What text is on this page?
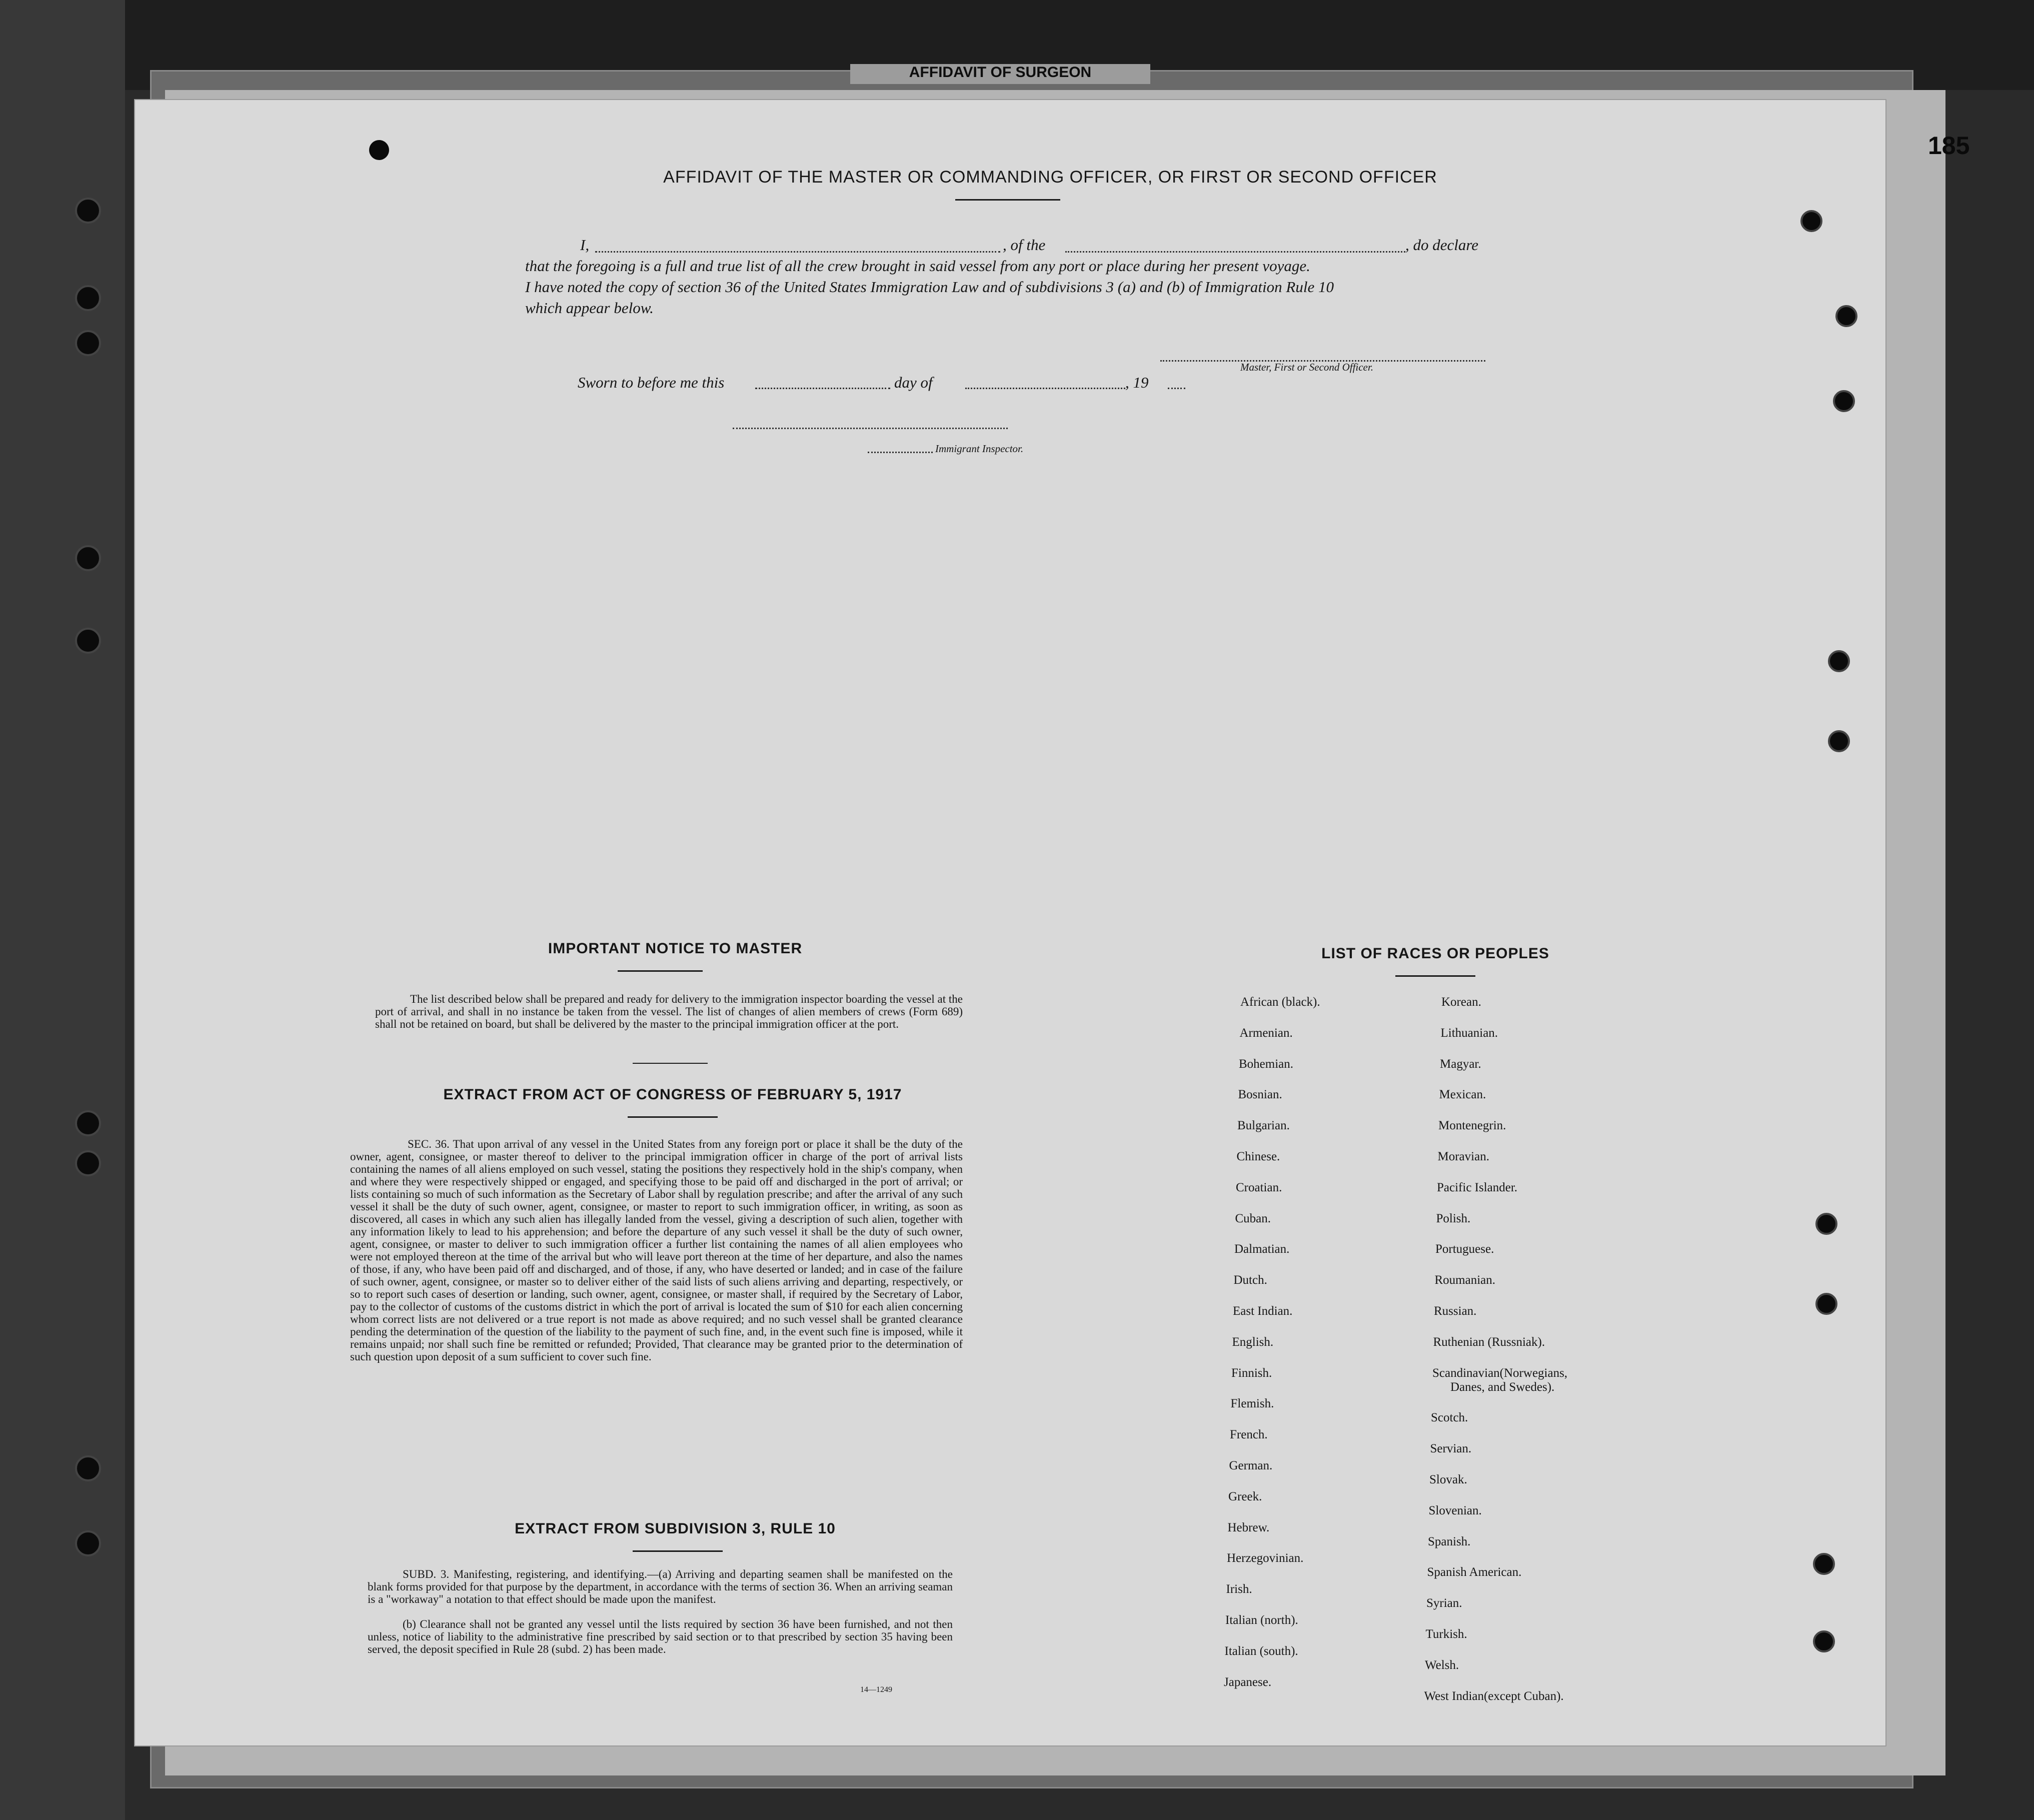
AFFIDAVIT OF SURGEON
185
AFFIDAVIT OF THE MASTER OR COMMANDING OFFICER, OR FIRST OR SECOND OFFICER
I,	, of the	, do declare
that the foregoing is a full and true list of all the crew brought in said vessel from any port or place during her present voyage.
I have noted the copy of section 36 of the United States Immigration Law and of subdivisions 3 (a) and (b) of Immigration Rule 10
which appear below.
Master, First or Second Officer.
Sworn to before me this	day of	, 19
Immigrant Inspector.
IMPORTANT NOTICE TO MASTER
The list described below shall be prepared and ready for delivery to the immigration inspector boarding the vessel at the port of arrival, and shall in no instance be taken from the vessel. The list of changes of alien members of crews (Form 689) shall not be retained on board, but shall be delivered by the master to the principal immigration officer at the port.
EXTRACT FROM ACT OF CONGRESS OF FEBRUARY 5, 1917
SEC. 36. That upon arrival of any vessel in the United States from any foreign port or place it shall be the duty of the owner, agent, consignee, or master thereof to deliver to the principal immigration officer in charge of the port of arrival lists containing the names of all aliens employed on such vessel, stating the positions they respectively hold in the ship's company, when and where they were respectively shipped or engaged, and specifying those to be paid off and discharged in the port of arrival; or lists containing so much of such information as the Secretary of Labor shall by regulation prescribe; and after the arrival of any such vessel it shall be the duty of such owner, agent, consignee, or master to report to such immigration officer, in writing, as soon as discovered, all cases in which any such alien has illegally landed from the vessel, giving a description of such alien, together with any information likely to lead to his apprehension; and before the departure of any such vessel it shall be the duty of such owner, agent, consignee, or master to deliver to such immigration officer a further list containing the names of all alien employees who were not employed thereon at the time of the arrival but who will leave port thereon at the time of her departure, and also the names of those, if any, who have been paid off and discharged, and of those, if any, who have deserted or landed; and in case of the failure of such owner, agent, consignee, or master so to deliver either of the said lists of such aliens arriving and departing, respectively, or so to report such cases of desertion or landing, such owner, agent, consignee, or master shall, if required by the Secretary of Labor, pay to the collector of customs of the customs district in which the port of arrival is located the sum of $10 for each alien concerning whom correct lists are not delivered or a true report is not made as above required; and no such vessel shall be granted clearance pending the determination of the question of the liability to the payment of such fine, and, in the event such fine is imposed, while it remains unpaid; nor shall such fine be remitted or refunded; Provided, That clearance may be granted prior to the determination of such question upon deposit of a sum sufficient to cover such fine.
EXTRACT FROM SUBDIVISION 3, RULE 10
SUBD. 3. Manifesting, registering, and identifying.—(a) Arriving and departing seamen shall be manifested on the blank forms provided for that purpose by the department, in accordance with the terms of section 36. When an arriving seaman is a "workaway" a notation to that effect should be made upon the manifest.
(b) Clearance shall not be granted any vessel until the lists required by section 36 have been furnished, and not then unless, notice of liability to the administrative fine prescribed by said section or to that prescribed by section 35 having been served, the deposit specified in Rule 28 (subd. 2) has been made.
14—1249
LIST OF RACES OR PEOPLES
African (black).
Armenian.
Bohemian.
Bosnian.
Bulgarian.
Chinese.
Croatian.
Cuban.
Dalmatian.
Dutch.
East Indian.
English.
Finnish.
Flemish.
French.
German.
Greek.
Hebrew.
Herzegovinian.
Irish.
Italian (north).
Italian (south).
Japanese.
Korean.
Lithuanian.
Magyar.
Mexican.
Montenegrin.
Moravian.
Pacific Islander.
Polish.
Portuguese.
Roumanian.
Russian.
Ruthenian (Russniak).
Scandinavian(Norwegians,
Danes, and Swedes).
Scotch.
Servian.
Slovak.
Slovenian.
Spanish.
Spanish American.
Syrian.
Turkish.
Welsh.
West Indian(except Cuban).
